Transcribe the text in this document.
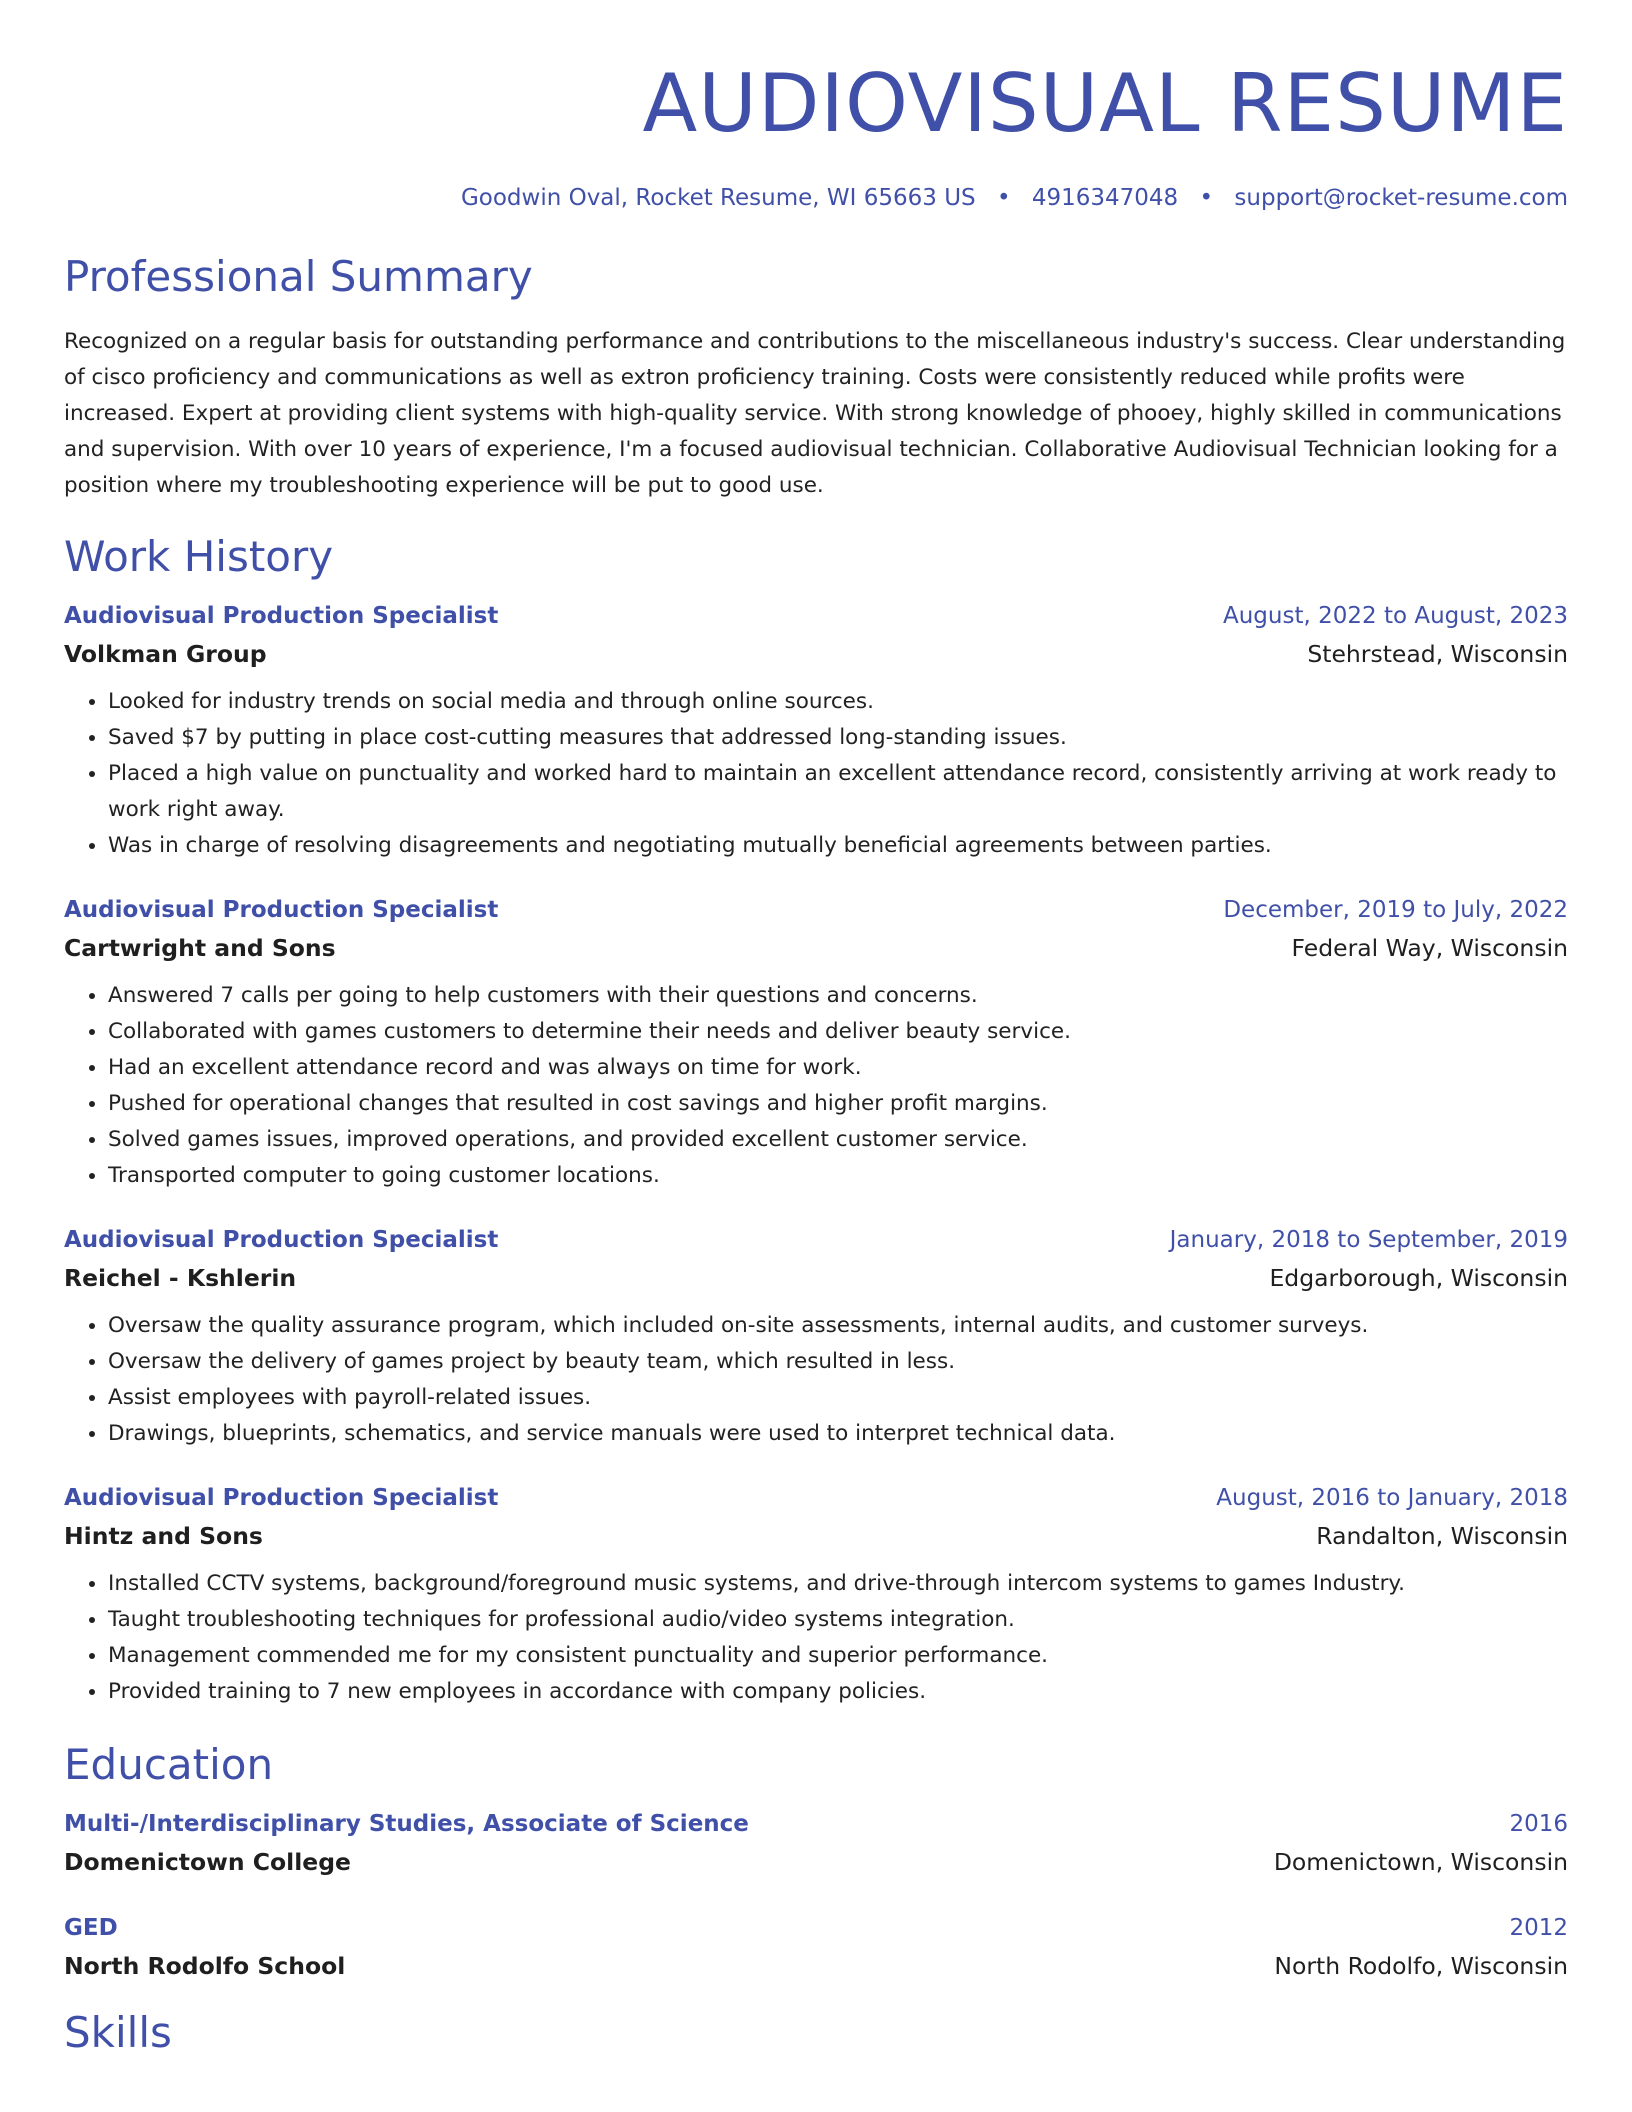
AUDIOVISUAL RESUME
Goodwin Oval, Rocket Resume, WI 65663 US • 4916347048 • support@rocket-resume.com
Professional Summary
Recognized on a regular basis for outstanding performance and contributions to the miscellaneous industry's success. Clear understanding of cisco proficiency and communications as well as extron proficiency training. Costs were consistently reduced while profits were increased. Expert at providing client systems with high-quality service. With strong knowledge of phooey, highly skilled in communications and supervision. With over 10 years of experience, I'm a focused audiovisual technician. Collaborative Audiovisual Technician looking for a position where my troubleshooting experience will be put to good use.
Work History
Audiovisual Production Specialist	August, 2022 to August, 2023
Volkman Group	Stehrstead, Wisconsin
• Looked for industry trends on social media and through online sources.
• Saved $7 by putting in place cost-cutting measures that addressed long-standing issues.
• Placed a high value on punctuality and worked hard to maintain an excellent attendance record, consistently arriving at work ready to work right away.
• Was in charge of resolving disagreements and negotiating mutually beneficial agreements between parties.
Audiovisual Production Specialist	December, 2019 to July, 2022
Cartwright and Sons	Federal Way, Wisconsin
• Answered 7 calls per going to help customers with their questions and concerns.
• Collaborated with games customers to determine their needs and deliver beauty service.
• Had an excellent attendance record and was always on time for work.
• Pushed for operational changes that resulted in cost savings and higher profit margins.
• Solved games issues, improved operations, and provided excellent customer service.
• Transported computer to going customer locations.
Audiovisual Production Specialist	January, 2018 to September, 2019
Reichel - Kshlerin	Edgarborough, Wisconsin
• Oversaw the quality assurance program, which included on-site assessments, internal audits, and customer surveys.
• Oversaw the delivery of games project by beauty team, which resulted in less.
• Assist employees with payroll-related issues.
• Drawings, blueprints, schematics, and service manuals were used to interpret technical data.
Audiovisual Production Specialist	August, 2016 to January, 2018
Hintz and Sons	Randalton, Wisconsin
• Installed CCTV systems, background/foreground music systems, and drive-through intercom systems to games Industry.
• Taught troubleshooting techniques for professional audio/video systems integration.
• Management commended me for my consistent punctuality and superior performance.
• Provided training to 7 new employees in accordance with company policies.
Education
Multi-/Interdisciplinary Studies, Associate of Science	2016
Domenictown College	Domenictown, Wisconsin
GED	2012
North Rodolfo School	North Rodolfo, Wisconsin
Skills
